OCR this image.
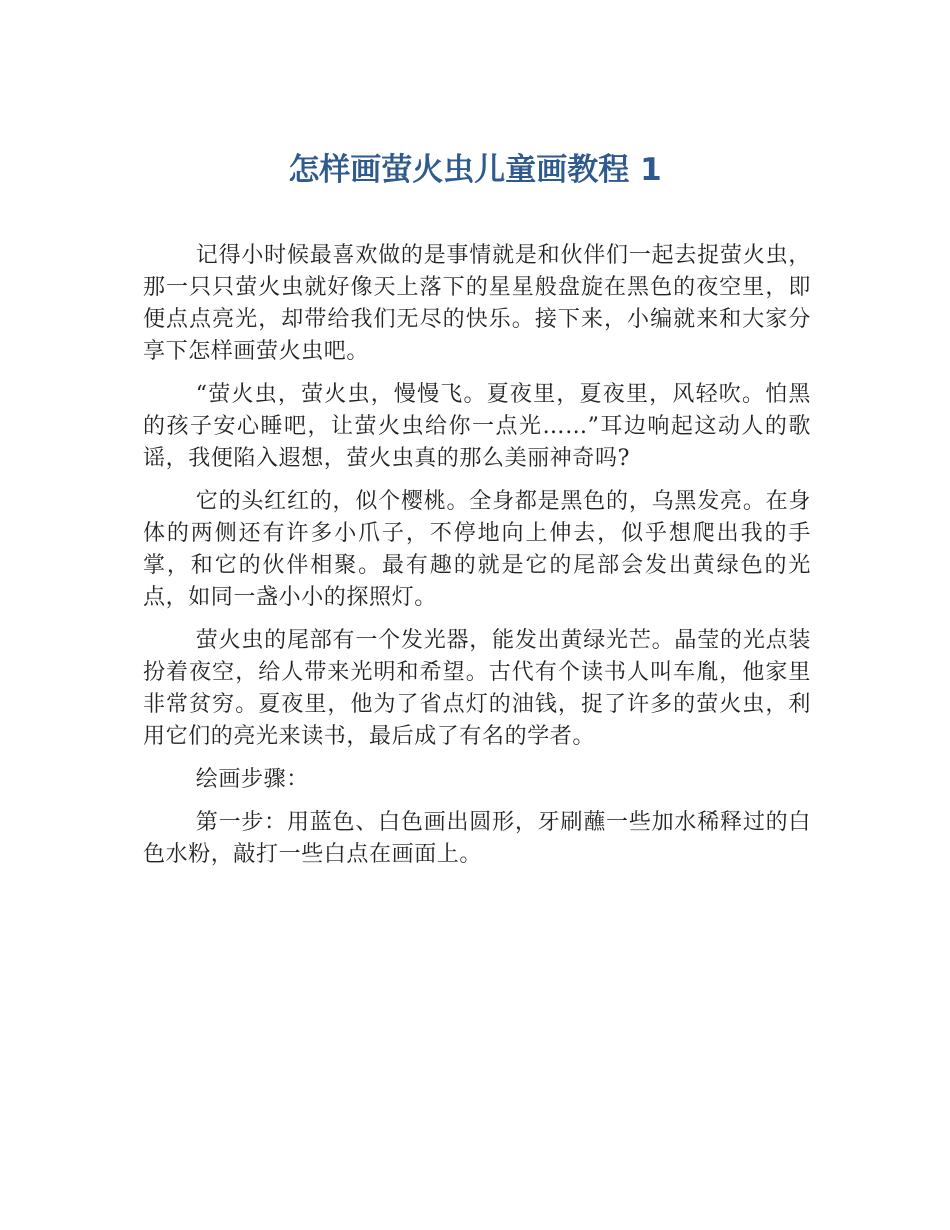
怎样画萤火虫儿童画教程 1

记得小时候最喜欢做的是事情就是和伙伴们一起去捉萤火虫，那一只只萤火虫就好像天上落下的星星般盘旋在黑色的夜空里，即便点点亮光，却带给我们无尽的快乐。接下来，小编就来和大家分享下怎样画萤火虫吧。

“萤火虫，萤火虫，慢慢飞。夏夜里，夏夜里，风轻吹。怕黑的孩子安心睡吧，让萤火虫给你一点光……”耳边响起这动人的歌谣，我便陷入遐想，萤火虫真的那么美丽神奇吗?

它的头红红的，似个樱桃。全身都是黑色的，乌黑发亮。在身体的两侧还有许多小爪子，不停地向上伸去，似乎想爬出我的手掌，和它的伙伴相聚。最有趣的就是它的尾部会发出黄绿色的光点，如同一盏小小的探照灯。

萤火虫的尾部有一个发光器，能发出黄绿光芒。晶莹的光点装扮着夜空，给人带来光明和希望。古代有个读书人叫车胤，他家里非常贫穷。夏夜里，他为了省点灯的油钱，捉了许多的萤火虫，利用它们的亮光来读书，最后成了有名的学者。

绘画步骤：

第一步：用蓝色、白色画出圆形，牙刷蘸一些加水稀释过的白色水粉，敲打一些白点在画面上。
